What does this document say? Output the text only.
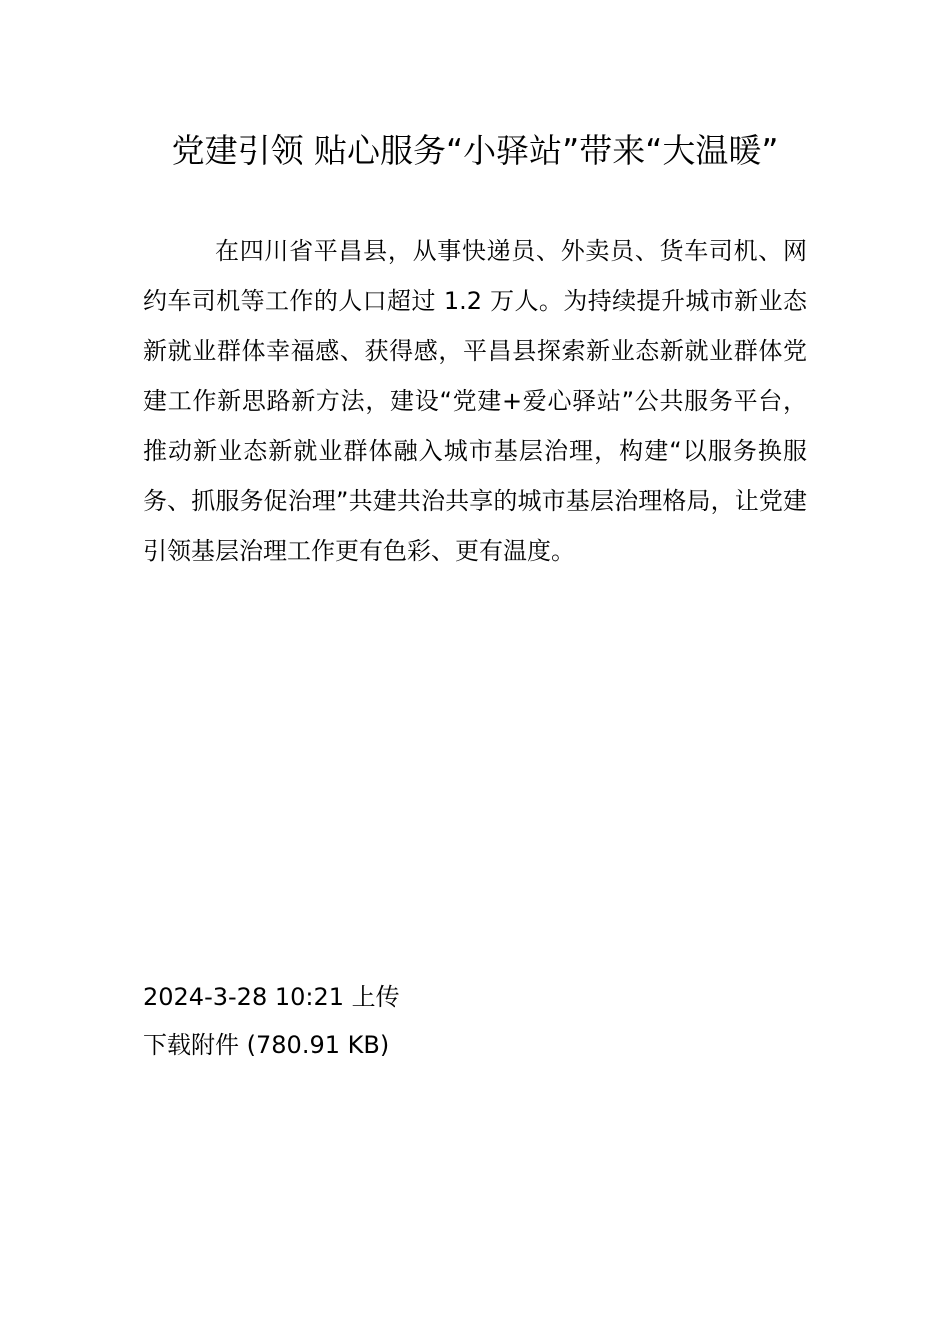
党建引领 贴心服务“小驿站”带来“大温暖”

在四川省平昌县，从事快递员、外卖员、货车司机、网约车司机等工作的人口超过 1.2 万人。为持续提升城市新业态新就业群体幸福感、获得感，平昌县探索新业态新就业群体党建工作新思路新方法，建设“党建+爱心驿站”公共服务平台，推动新业态新就业群体融入城市基层治理，构建“以服务换服务、抓服务促治理”共建共治共享的城市基层治理格局，让党建引领基层治理工作更有色彩、更有温度。

2024-3-28 10:21 上传

下载附件 (780.91 KB)
